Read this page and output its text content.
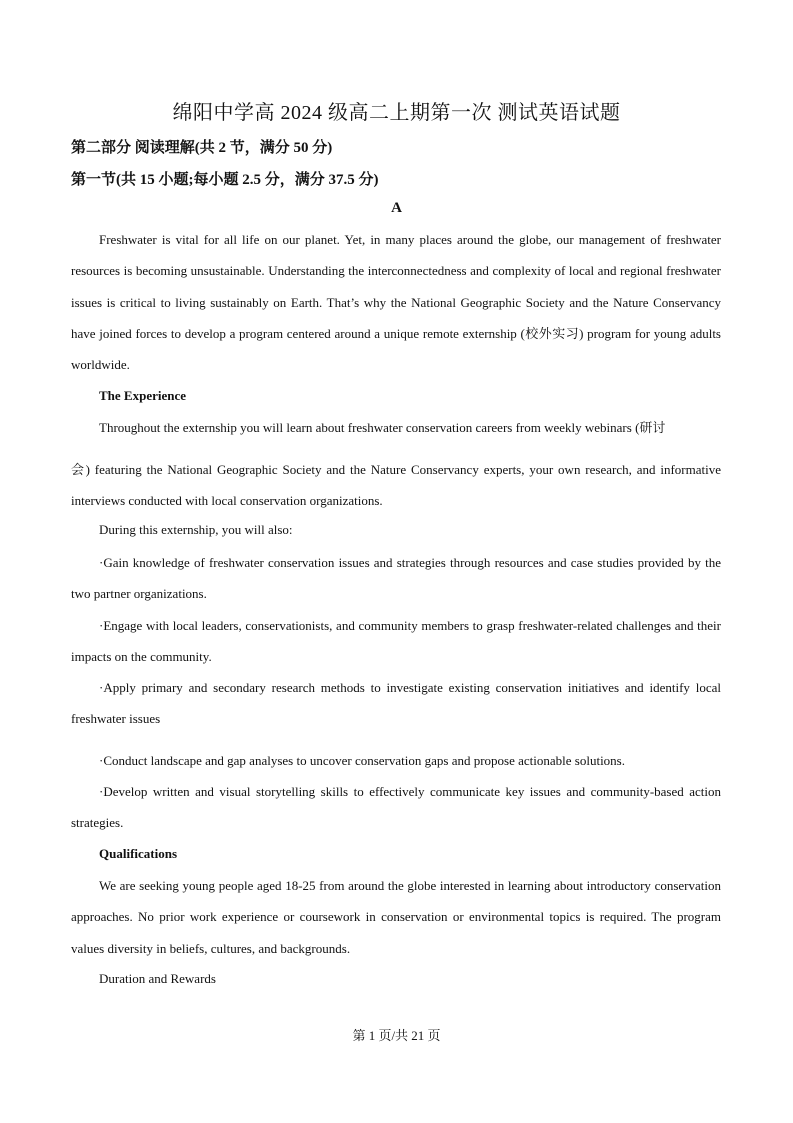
绵阳中学高 2024 级高二上期第一次 测试英语试题
第二部分 阅读理解(共 2 节，满分 50 分)
第一节(共 15 小题;每小题 2.5 分，满分 37.5 分)
A

Freshwater is vital for all life on our planet. Yet, in many places around the globe, our management of freshwater resources is becoming unsustainable. Understanding the interconnectedness and complexity of local and regional freshwater issues is critical to living sustainably on Earth. That’s why the National Geographic Society and the Nature Conservancy have joined forces to develop a program centered around a unique remote externship (校外实习) program for young adults worldwide.

The Experience

Throughout the externship you will learn about freshwater conservation careers from weekly webinars (研讨

会) featuring the National Geographic Society and the Nature Conservancy experts, your own research, and informative interviews conducted with local conservation organizations.

During this externship, you will also:

·Gain knowledge of freshwater conservation issues and strategies through resources and case studies provided by the two partner organizations.

·Engage with local leaders, conservationists, and community members to grasp freshwater-related challenges and their impacts on the community.

·Apply primary and secondary research methods to investigate existing conservation initiatives and identify local freshwater issues

·Conduct landscape and gap analyses to uncover conservation gaps and propose actionable solutions.

·Develop written and visual storytelling skills to effectively communicate key issues and community-based action strategies.

Qualifications

We are seeking young people aged 18-25 from around the globe interested in learning about introductory conservation approaches. No prior work experience or coursework in conservation or environmental topics is required. The program values diversity in beliefs, cultures, and backgrounds.

Duration and Rewards
第 1 页/共 21 页
